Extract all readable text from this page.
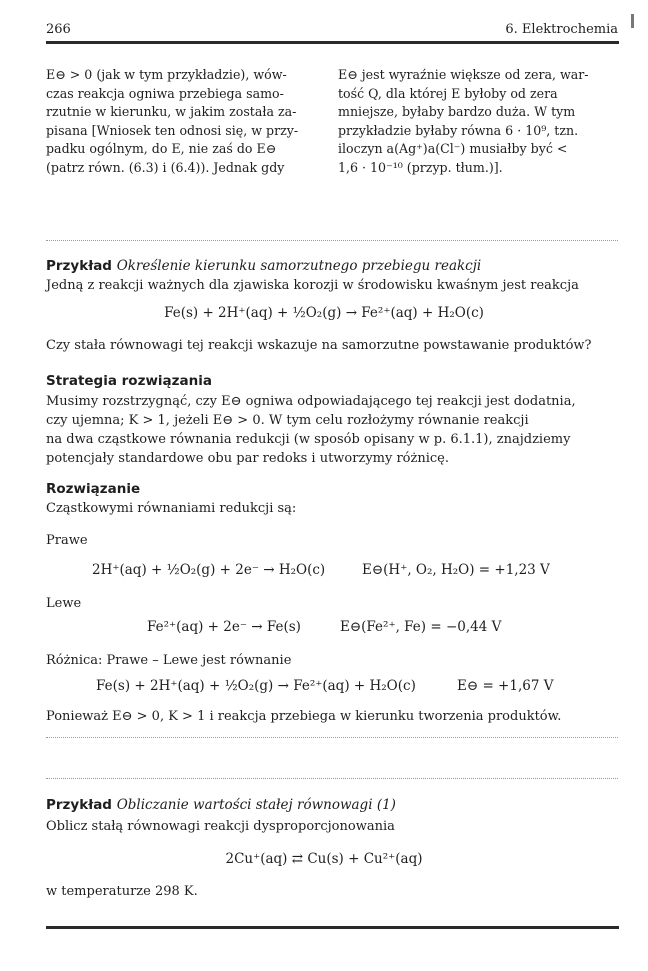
266	6. Elektrochemia

E⊖ > 0 (jak w tym przykładzie), wów-

czas reakcja ogniwa przebiega samo-

rzutnie w kierunku, w jakim została za-

pisana [Wniosek ten odnosi się, w przy-

padku ogólnym, do E, nie zaś do E⊖

(patrz równ. (6.3) i (6.4)). Jednak gdy

E⊖ jest wyraźnie większe od zera, war-

tość Q, dla której E byłoby od zera

mniejsze, byłaby bardzo duża. W tym

przykładzie byłaby równa 6 · 10⁹, tzn.

iloczyn a(Ag⁺)a(Cl⁻) musiałby być <

1,6 · 10⁻¹⁰ (przyp. tłum.)].

Przykład Określenie kierunku samorzutnego przebiegu reakcji
Jedną z reakcji ważnych dla zjawiska korozji w środowisku kwaśnym jest reakcja
Fe(s) + 2H⁺(aq) + ½O₂(g) → Fe²⁺(aq) + H₂O(c)
Czy stała równowagi tej reakcji wskazuje na samorzutne powstawanie produktów?
Strategia rozwiązania
Musimy rozstrzygnąć, czy E⊖ ogniwa odpowiadającego tej reakcji jest dodatnia,
czy ujemna; K > 1, jeżeli E⊖ > 0. W tym celu rozłożymy równanie reakcji
na dwa cząstkowe równania redukcji (w sposób opisany w p. 6.1.1), znajdziemy
potencjały standardowe obu par redoks i utworzymy różnicę.
Rozwiązanie
Cząstkowymi równaniami redukcji są:
Prawe
2H⁺(aq) + ½O₂(g) + 2e⁻ → H₂O(c)	E⊖(H⁺, O₂, H₂O) = +1,23 V
Lewe
Fe²⁺(aq) + 2e⁻ → Fe(s)	E⊖(Fe²⁺, Fe) = −0,44 V
Różnica: Prawe – Lewe jest równanie
Fe(s) + 2H⁺(aq) + ½O₂(g) → Fe²⁺(aq) + H₂O(c)	E⊖ = +1,67 V
Ponieważ E⊖ > 0, K > 1 i reakcja przebiega w kierunku tworzenia produktów.
Przykład Obliczanie wartości stałej równowagi (1)
Oblicz stałą równowagi reakcji dysproporcjonowania
2Cu⁺(aq) ⇄ Cu(s) + Cu²⁺(aq)
w temperaturze 298 K.
